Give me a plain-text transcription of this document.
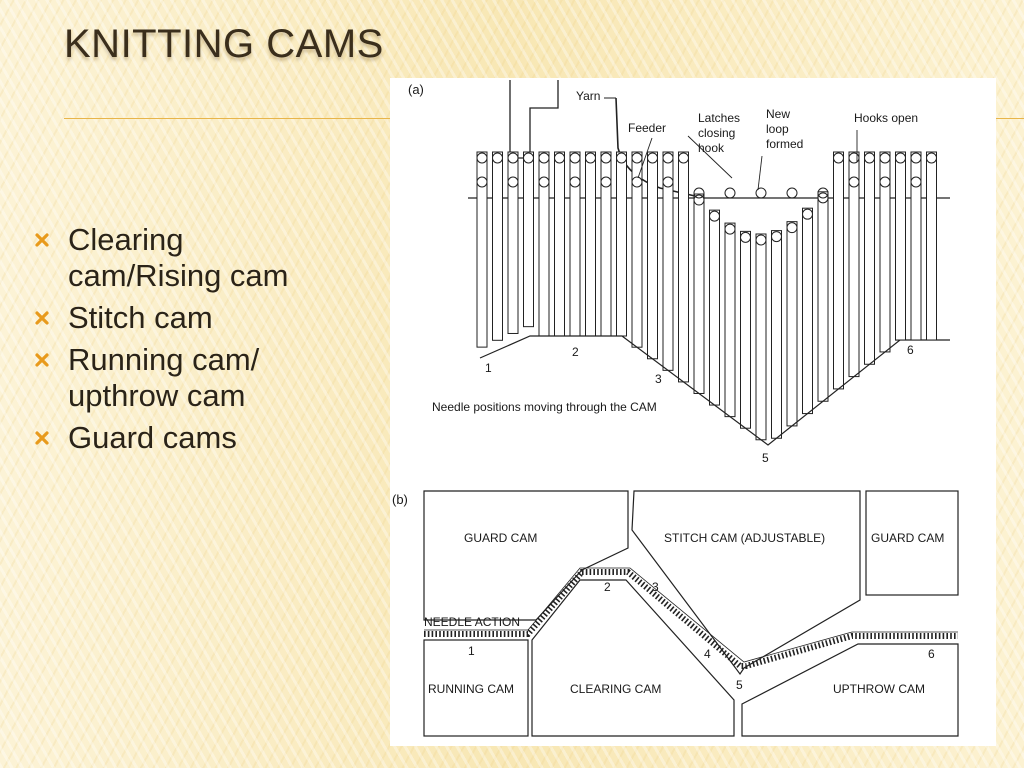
KNITTING CAMS
Clearing
cam/Rising cam
Stitch cam
Running cam/
upthrow cam
Guard cams
(a)	Yarn
Feeder
Latches
closing
hook
New
loop
formed
Hooks open
1
2
3
5
6
Needle positions moving through the CAM
(b)
GUARD CAM	STITCH CAM (ADJUSTABLE)	GUARD CAM
RUNNING CAM	CLEARING CAM	UPTHROW CAM
NEEDLE ACTION
1
2	3
4
5
6
